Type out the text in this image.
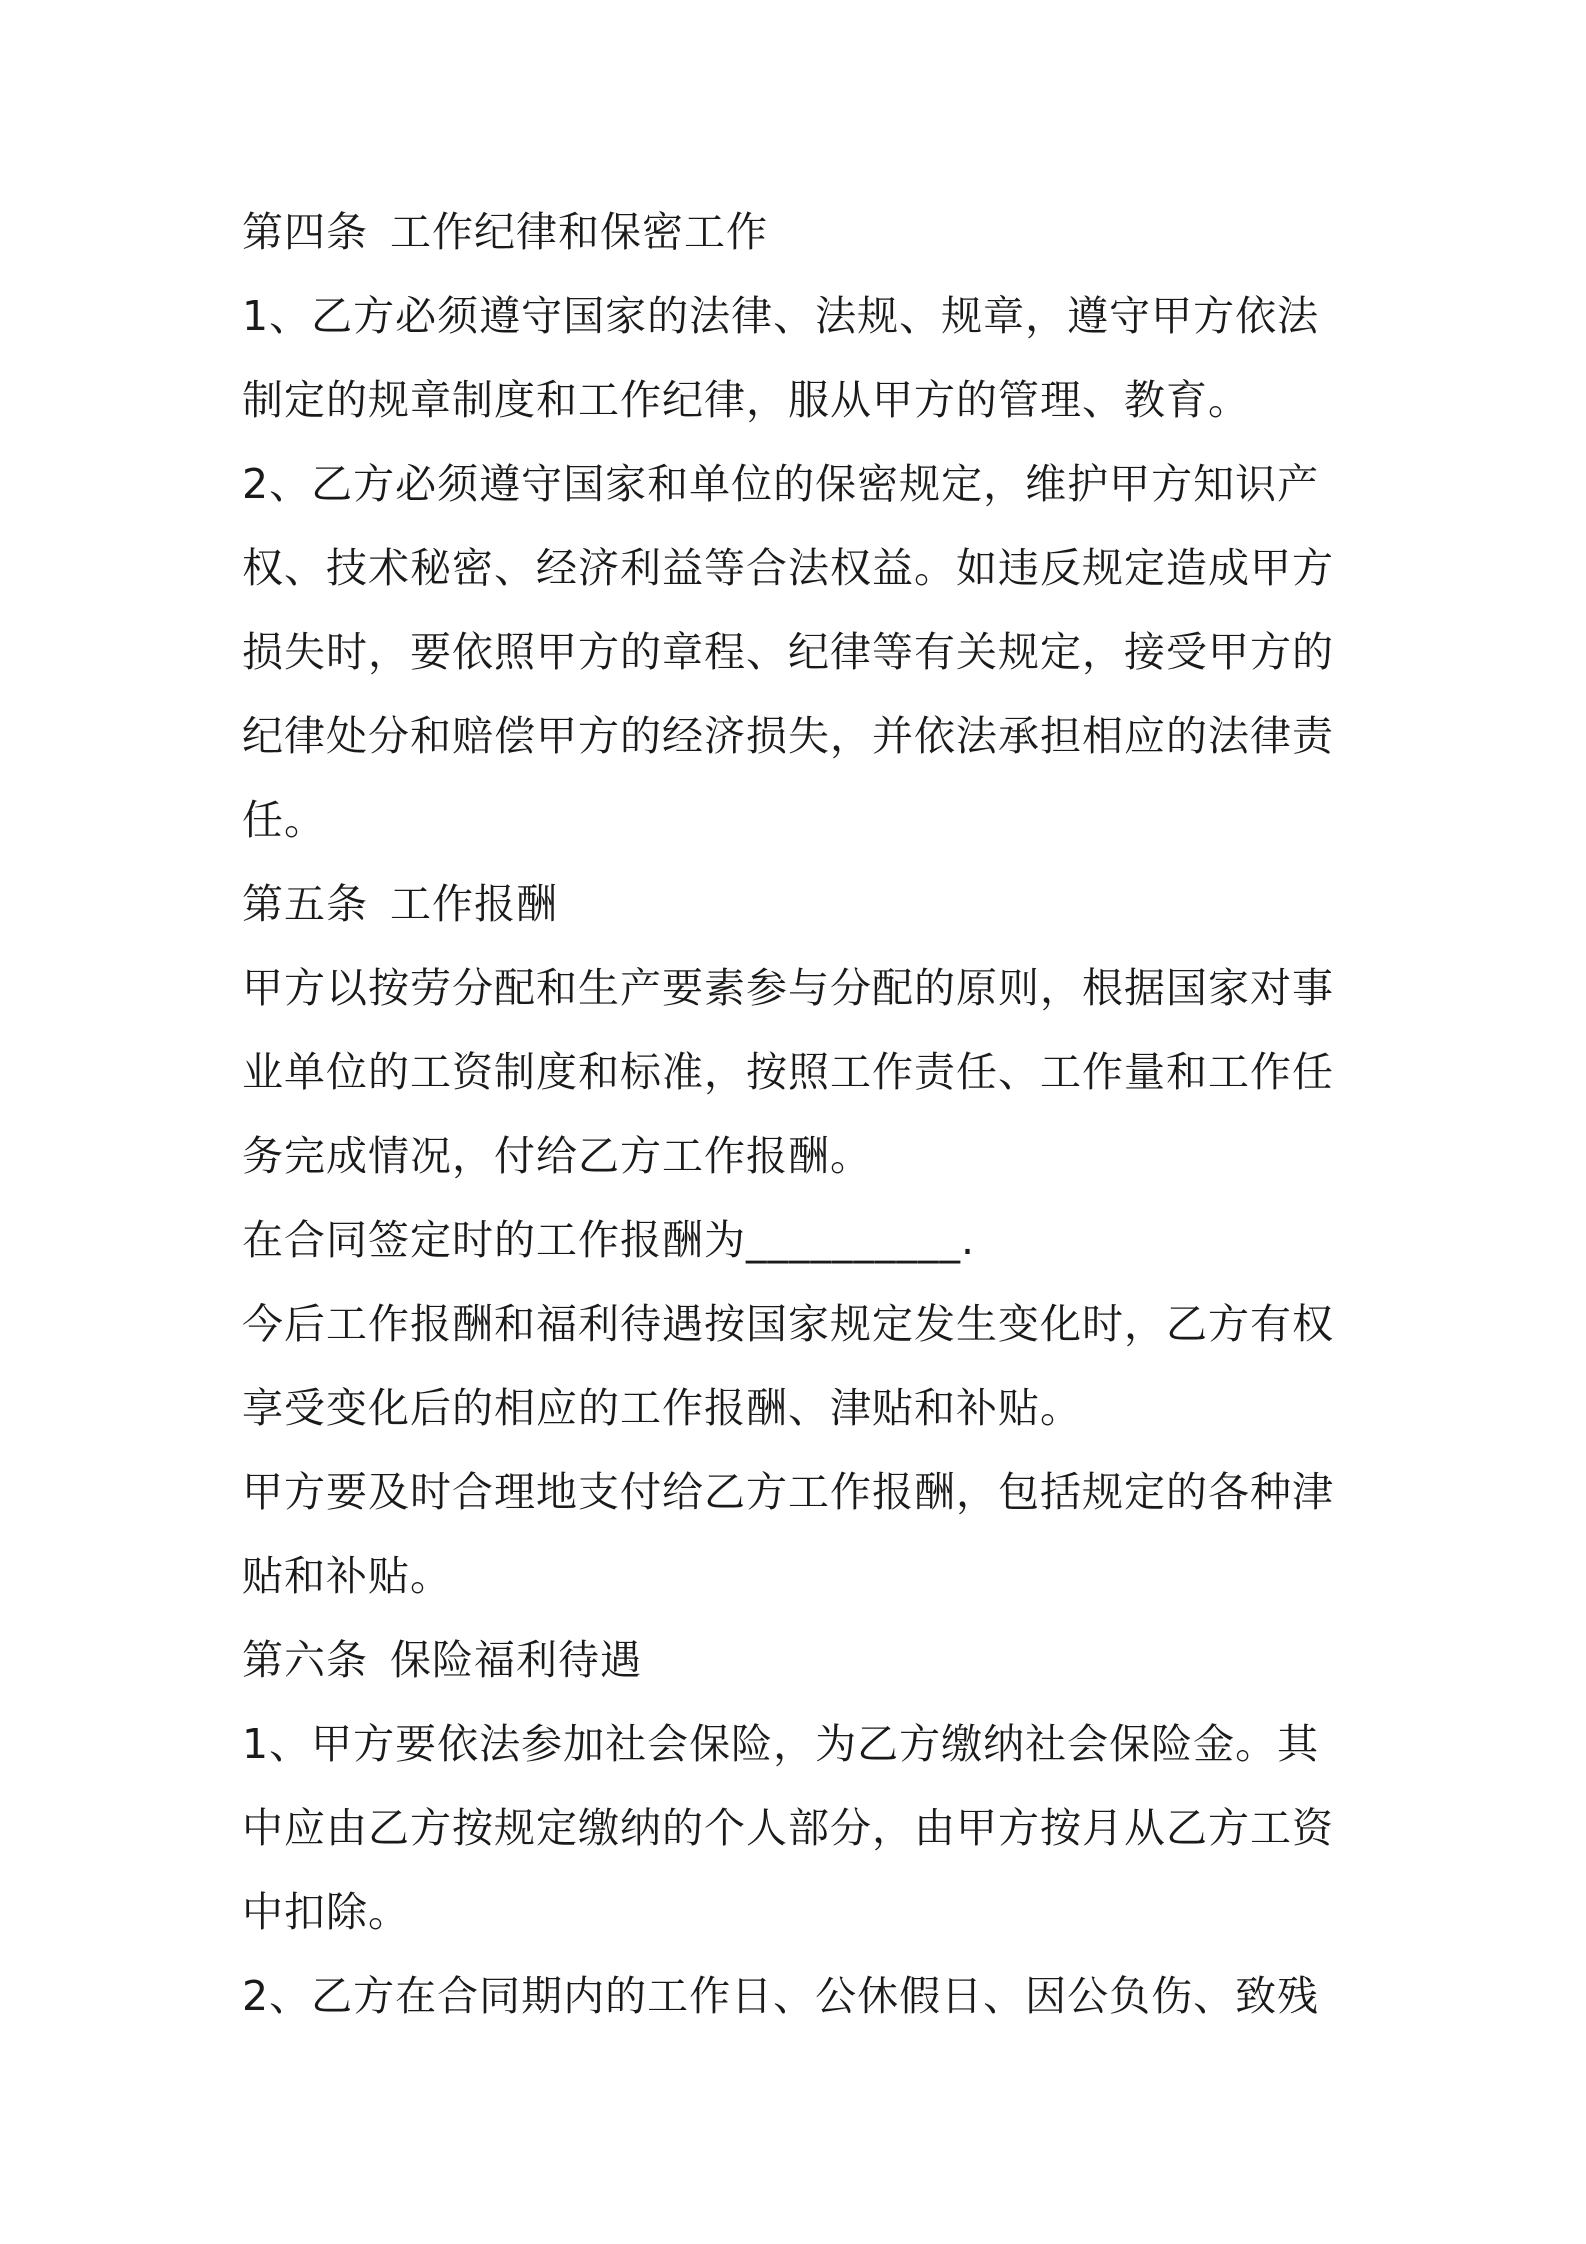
第四条 工作纪律和保密工作
1、乙方必须遵守国家的法律、法规、规章，遵守甲方依法
制定的规章制度和工作纪律，服从甲方的管理、教育。
2、乙方必须遵守国家和单位的保密规定，维护甲方知识产
权、技术秘密、经济利益等合法权益。如违反规定造成甲方
损失时，要依照甲方的章程、纪律等有关规定，接受甲方的
纪律处分和赔偿甲方的经济损失，并依法承担相应的法律责
任。
第五条 工作报酬
甲方以按劳分配和生产要素参与分配的原则，根据国家对事
业单位的工资制度和标准，按照工作责任、工作量和工作任
务完成情况，付给乙方工作报酬。
在合同签定时的工作报酬为__________.
今后工作报酬和福利待遇按国家规定发生变化时，乙方有权
享受变化后的相应的工作报酬、津贴和补贴。
甲方要及时合理地支付给乙方工作报酬，包括规定的各种津
贴和补贴。
第六条 保险福利待遇
1、甲方要依法参加社会保险，为乙方缴纳社会保险金。其
中应由乙方按规定缴纳的个人部分，由甲方按月从乙方工资
中扣除。
2、乙方在合同期内的工作日、公休假日、因公负伤、致残
